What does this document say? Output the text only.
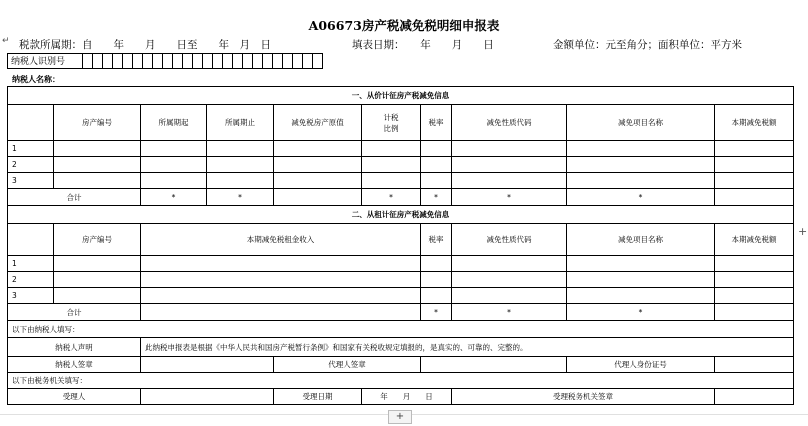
A06673房产税减免税明细申报表
↵ 税款所属期：自　　年　　月　　日至　　年　月　日	填表日期：　　年　　月　　日	金额单位：元至角分；面积单位：平方米
纳税人识别号
纳税人名称：
一、从价计征房产税减免信息									
	房产编号	所属期起	所属期止	减免税房产原值	计税比例	税率	减免性质代码	减免项目名称	本期减免税额
1									
2									
3									
合计		*	*		*	*	*	*	
二、从租计征房产税减免信息									
	房产编号	本期减免税租金收入				税率	减免性质代码	减免项目名称	本期减免税额
1									
2									
3									
合计						*	*	*	
以下由纳税人填写：									
纳税人声明		此纳税申报表是根据《中华人民共和国房产税暂行条例》和国家有关税收规定填报的，是真实的、可靠的、完整的。							
纳税人签章				代理人签章				代理人身份证号	
以下由税务机关填写：									
受理人				受理日期	年　　月　　日		受理税务机关签章		
+
+
